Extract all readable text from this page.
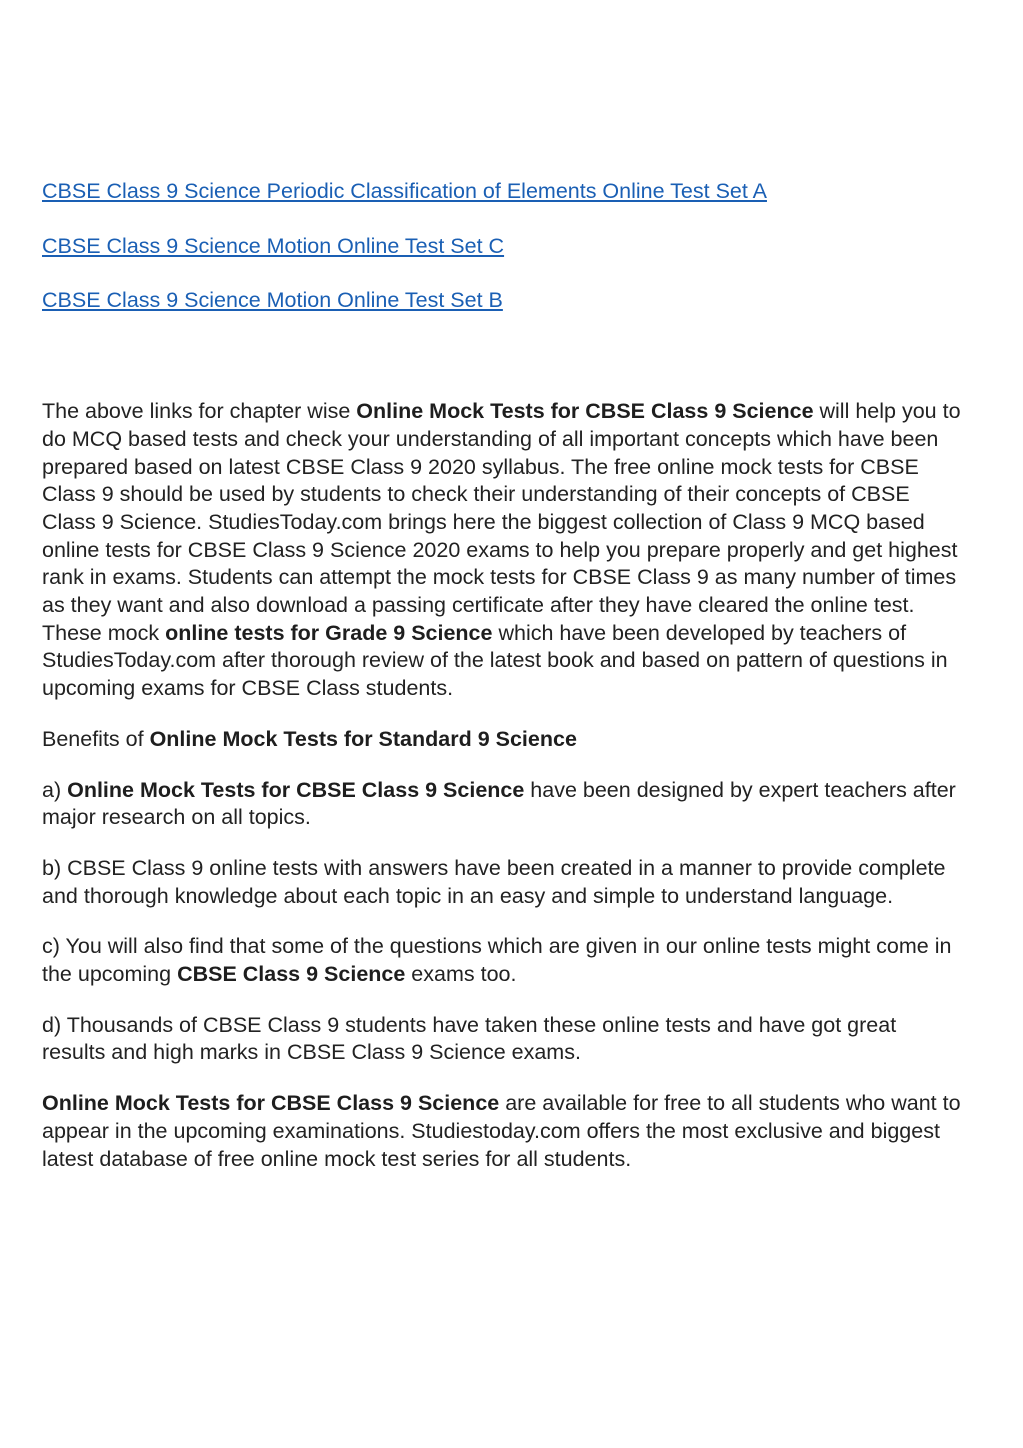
CBSE Class 9 Science Periodic Classification of Elements Online Test Set A
CBSE Class 9 Science Motion Online Test Set C
CBSE Class 9 Science Motion Online Test Set B

The above links for chapter wise Online Mock Tests for CBSE Class 9 Science will help you to do MCQ based tests and check your understanding of all important concepts which have been prepared based on latest CBSE Class 9 2020 syllabus. The free online mock tests for CBSE Class 9 should be used by students to check their understanding of their concepts of CBSE Class 9 Science. StudiesToday.com brings here the biggest collection of Class 9 MCQ based online tests for CBSE Class 9 Science 2020 exams to help you prepare properly and get highest rank in exams. Students can attempt the mock tests for CBSE Class 9 as many number of times as they want and also download a passing certificate after they have cleared the online test. These mock online tests for Grade 9 Science which have been developed by teachers of StudiesToday.com after thorough review of the latest book and based on pattern of questions in upcoming exams for CBSE Class students.

Benefits of Online Mock Tests for Standard 9 Science

a) Online Mock Tests for CBSE Class 9 Science have been designed by expert teachers after major research on all topics.

b) CBSE Class 9 online tests with answers have been created in a manner to provide complete and thorough knowledge about each topic in an easy and simple to understand language.

c) You will also find that some of the questions which are given in our online tests might come in the upcoming CBSE Class 9 Science exams too.

d) Thousands of CBSE Class 9 students have taken these online tests and have got great results and high marks in CBSE Class 9 Science exams.

Online Mock Tests for CBSE Class 9 Science are available for free to all students who want to appear in the upcoming examinations. Studiestoday.com offers the most exclusive and biggest latest database of free online mock test series for all students.
